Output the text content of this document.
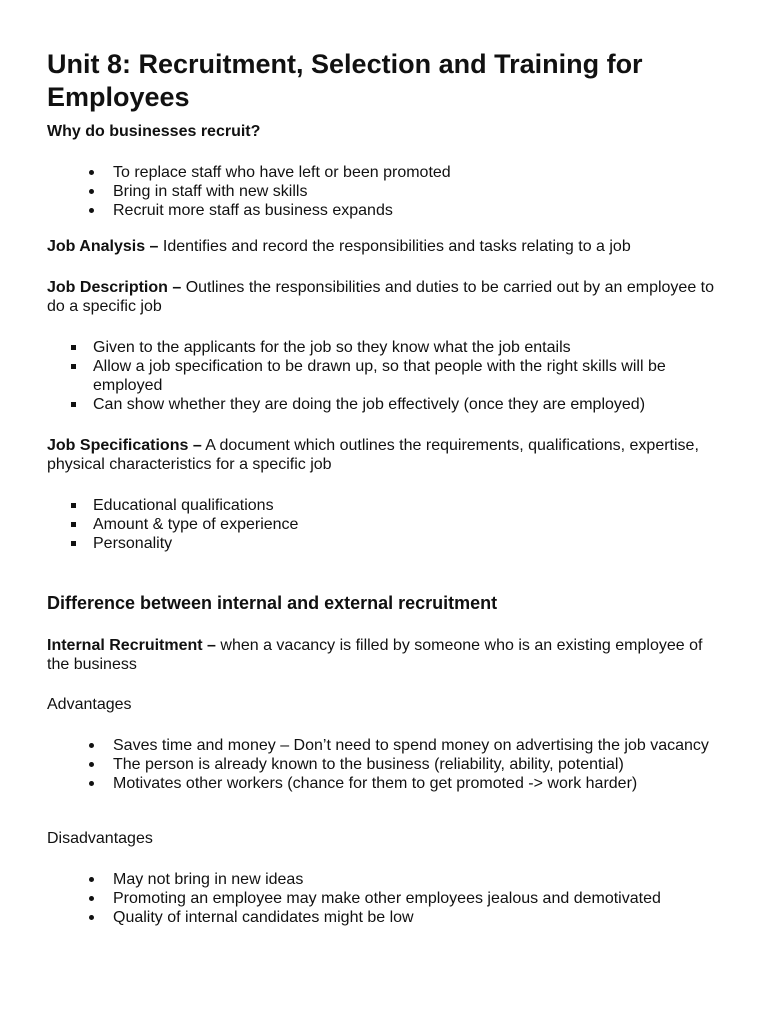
Unit 8: Recruitment, Selection and Training for Employees

Why do businesses recruit?

To replace staff who have left or been promoted
Bring in staff with new skills
Recruit more staff as business expands

Job Analysis – Identifies and record the responsibilities and tasks relating to a job

Job Description – Outlines the responsibilities and duties to be carried out by an employee to do a specific job

Given to the applicants for the job so they know what the job entails
Allow a job specification to be drawn up, so that people with the right skills will be employed
Can show whether they are doing the job effectively (once they are employed)

Job Specifications – A document which outlines the requirements, qualifications, expertise, physical characteristics for a specific job

Educational qualifications
Amount & type of experience
Personality
Difference between internal and external recruitment

Internal Recruitment – when a vacancy is filled by someone who is an existing employee of the business

Advantages

Saves time and money – Don’t need to spend money on advertising the job vacancy
The person is already known to the business (reliability, ability, potential)
Motivates other workers (chance for them to get promoted -> work harder)

Disadvantages

May not bring in new ideas
Promoting an employee may make other employees jealous and demotivated
Quality of internal candidates might be low
